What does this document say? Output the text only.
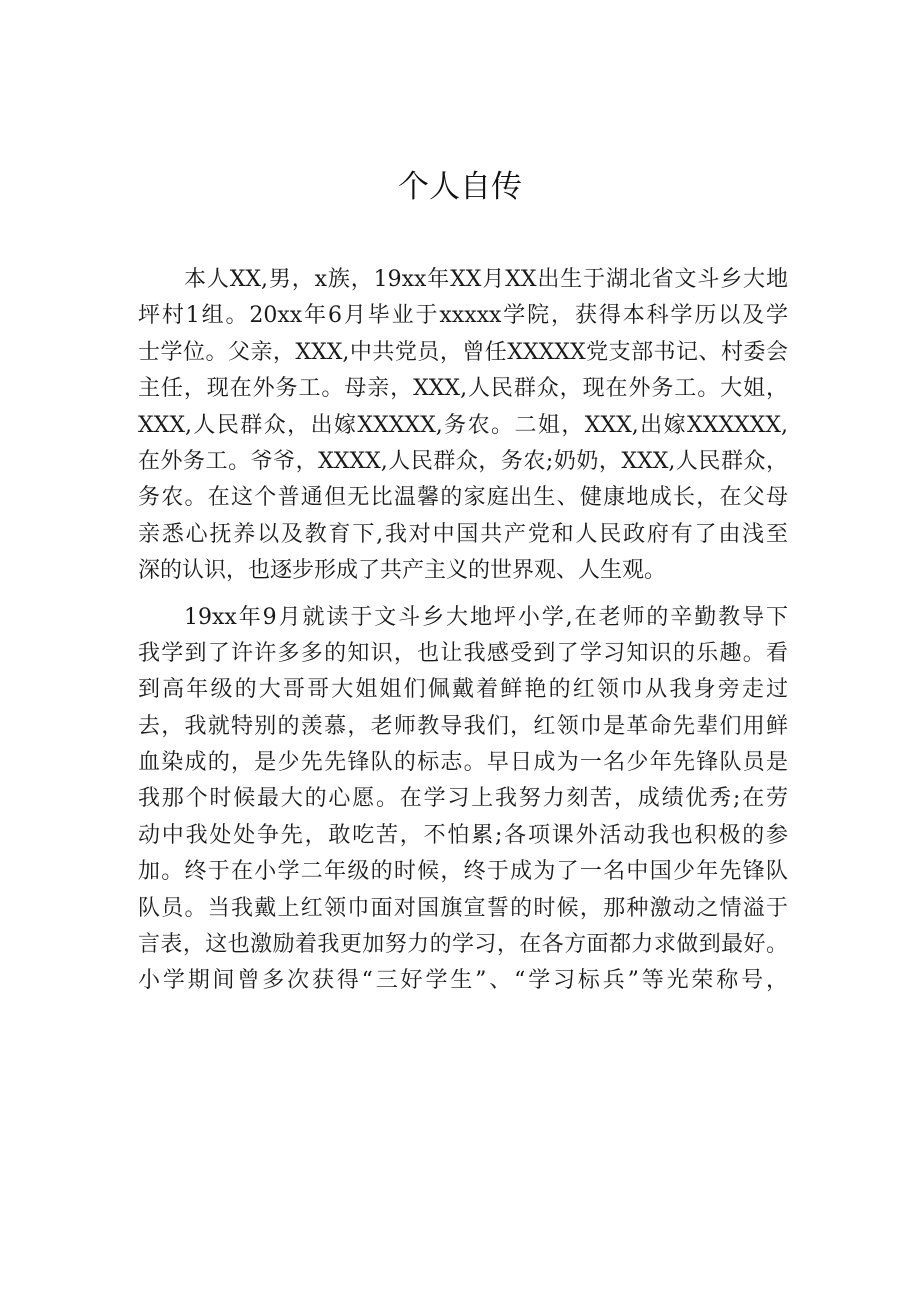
个人自传
本人XX,男，x族，19xx年XX月XX出生于湖北省文斗乡大地
坪村1组。20xx年6月毕业于xxxxx学院，获得本科学历以及学
士学位。父亲，XXX,中共党员，曾任XXXXX党支部书记、村委会
主任，现在外务工。母亲，XXX,人民群众，现在外务工。大姐，
XXX,人民群众，出嫁XXXXX,务农。二姐，XXX,出嫁XXXXXX,
在外务工。爷爷，XXXX,人民群众，务农;奶奶，XXX,人民群众，
务农。在这个普通但无比温馨的家庭出生、健康地成长，在父母
亲悉心抚养以及教育下,我对中国共产党和人民政府有了由浅至
深的认识，也逐步形成了共产主义的世界观、人生观。
19xx年9月就读于文斗乡大地坪小学,在老师的辛勤教导下
我学到了许许多多的知识，也让我感受到了学习知识的乐趣。看
到高年级的大哥哥大姐姐们佩戴着鲜艳的红领巾从我身旁走过
去，我就特别的羡慕，老师教导我们，红领巾是革命先辈们用鲜
血染成的，是少先先锋队的标志。早日成为一名少年先锋队员是
我那个时候最大的心愿。在学习上我努力刻苦，成绩优秀;在劳
动中我处处争先，敢吃苦，不怕累;各项课外活动我也积极的参
加。终于在小学二年级的时候，终于成为了一名中国少年先锋队
队员。当我戴上红领巾面对国旗宣誓的时候，那种激动之情溢于
言表，这也激励着我更加努力的学习，在各方面都力求做到最好。
小学期间曾多次获得“三好学生”、“学习标兵”等光荣称号，
